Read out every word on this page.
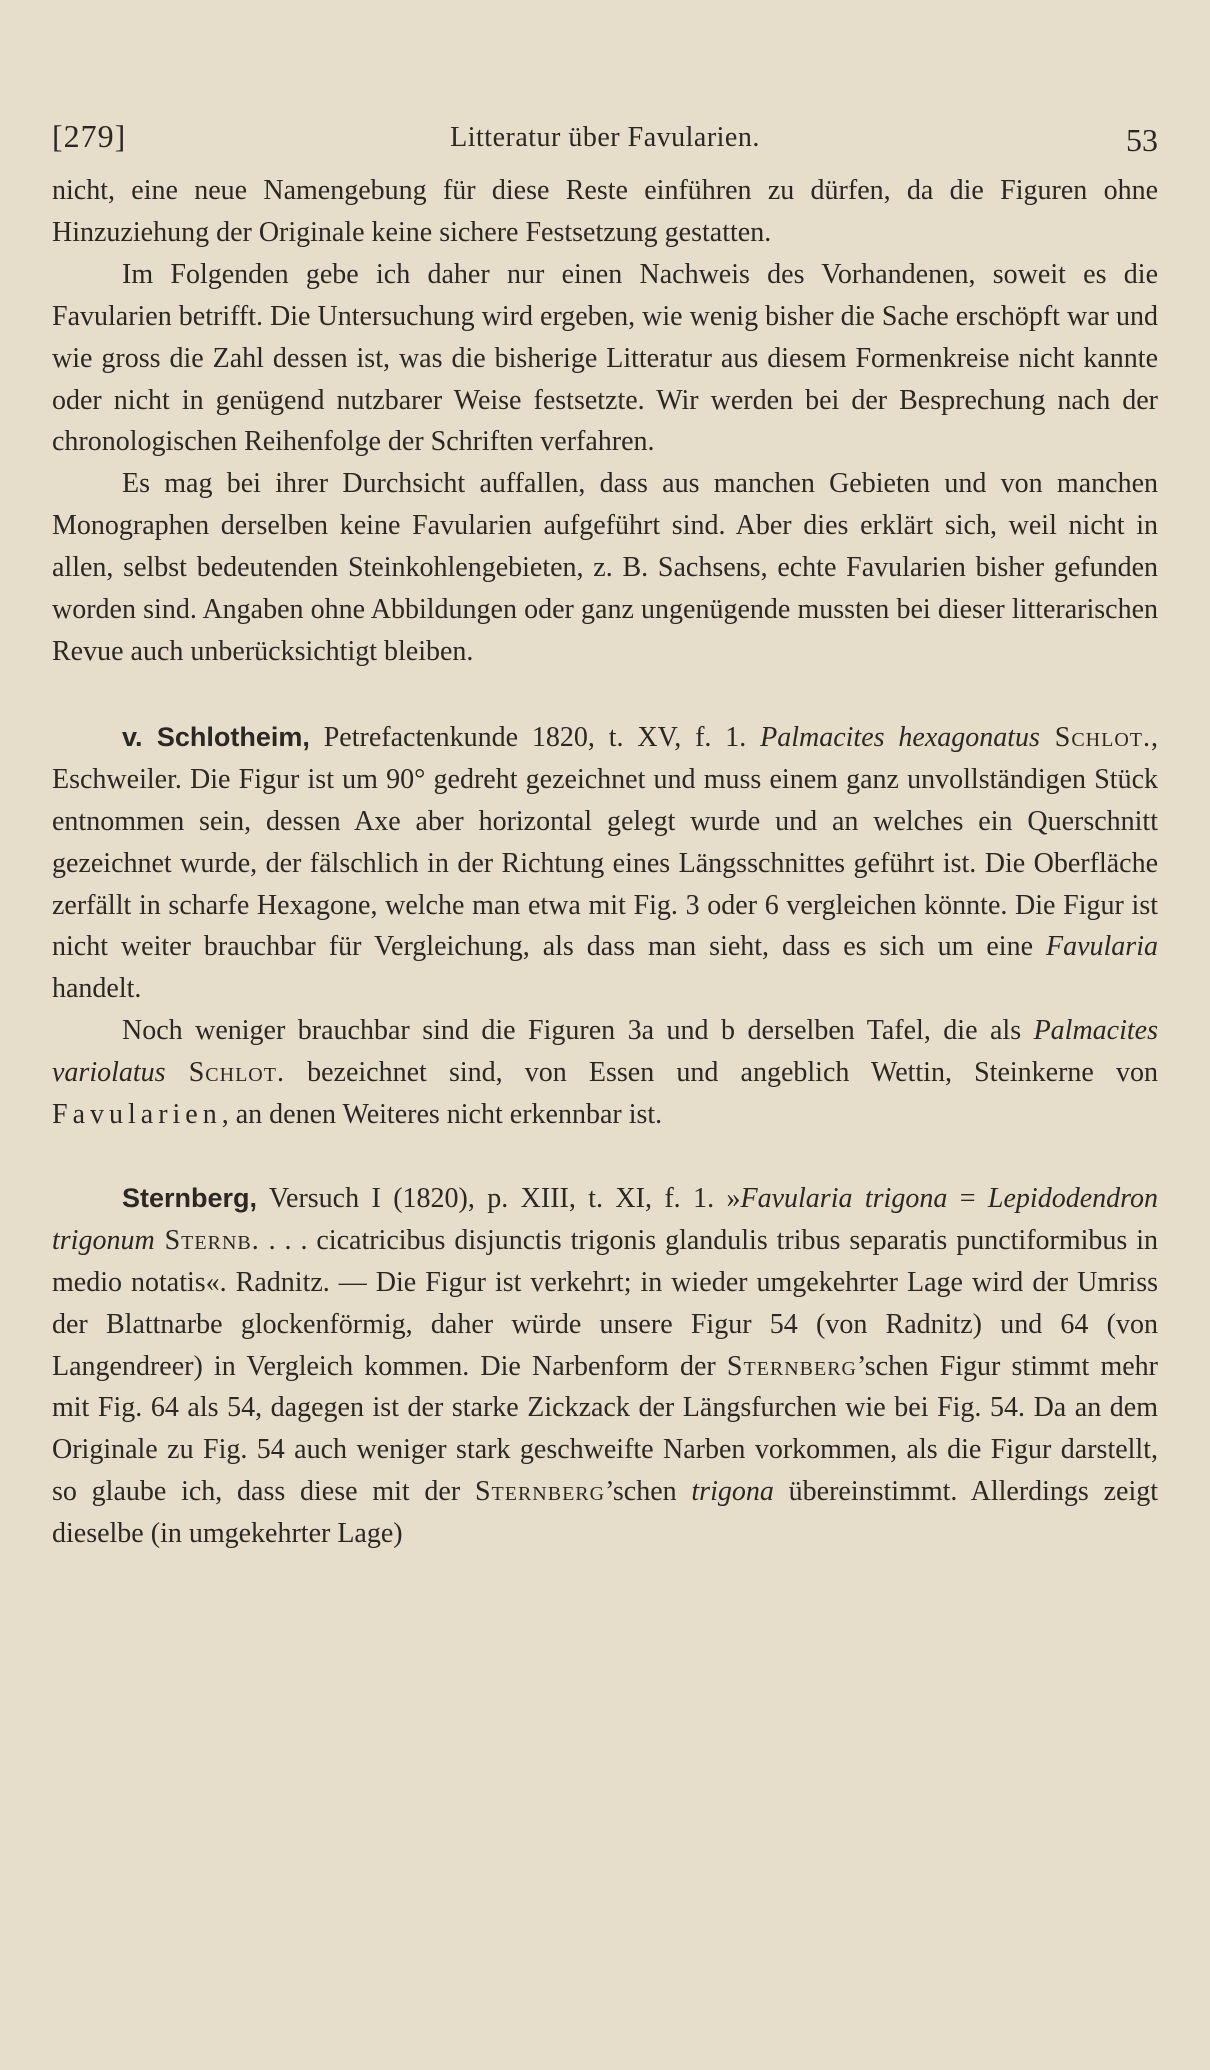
[279]	Litteratur über Favularien.	53

nicht, eine neue Namengebung für diese Reste einführen zu dürfen, da die Figuren ohne Hinzuziehung der Originale keine sichere Festsetzung gestatten.

Im Folgenden gebe ich daher nur einen Nachweis des Vorhandenen, soweit es die Favularien betrifft. Die Untersuchung wird ergeben, wie wenig bisher die Sache erschöpft war und wie gross die Zahl dessen ist, was die bisherige Litteratur aus diesem Formenkreise nicht kannte oder nicht in genügend nutzbarer Weise festsetzte. Wir werden bei der Besprechung nach der chronologischen Reihenfolge der Schriften verfahren.

Es mag bei ihrer Durchsicht auffallen, dass aus manchen Gebieten und von manchen Monographen derselben keine Favularien aufgeführt sind. Aber dies erklärt sich, weil nicht in allen, selbst bedeutenden Steinkohlengebieten, z. B. Sachsens, echte Favularien bisher gefunden worden sind. Angaben ohne Abbildungen oder ganz ungenügende mussten bei dieser litterarischen Revue auch unberücksichtigt bleiben.

v. Schlotheim, Petrefactenkunde 1820, t. XV, f. 1. Palmacites hexagonatus Schlot., Eschweiler. Die Figur ist um 90° gedreht gezeichnet und muss einem ganz unvollständigen Stück entnommen sein, dessen Axe aber horizontal gelegt wurde und an welches ein Querschnitt gezeichnet wurde, der fälschlich in der Richtung eines Längsschnittes geführt ist. Die Oberfläche zerfällt in scharfe Hexagone, welche man etwa mit Fig. 3 oder 6 vergleichen könnte. Die Figur ist nicht weiter brauchbar für Vergleichung, als dass man sieht, dass es sich um eine Favularia handelt.

Noch weniger brauchbar sind die Figuren 3a und b derselben Tafel, die als Palmacites variolatus Schlot. bezeichnet sind, von Essen und angeblich Wettin, Steinkerne von Favularien, an denen Weiteres nicht erkennbar ist.

Sternberg, Versuch I (1820), p. XIII, t. XI, f. 1. »Favularia trigona = Lepidodendron trigonum Sternb. . . . cicatricibus disjunctis trigonis glandulis tribus separatis punctiformibus in medio notatis«. Radnitz. — Die Figur ist verkehrt; in wieder umgekehrter Lage wird der Umriss der Blattnarbe glockenförmig, daher würde unsere Figur 54 (von Radnitz) und 64 (von Langendreer) in Vergleich kommen. Die Narbenform der Sternberg’schen Figur stimmt mehr mit Fig. 64 als 54, dagegen ist der starke Zickzack der Längsfurchen wie bei Fig. 54. Da an dem Originale zu Fig. 54 auch weniger stark geschweifte Narben vorkommen, als die Figur darstellt, so glaube ich, dass diese mit der Sternberg’schen trigona übereinstimmt. Allerdings zeigt dieselbe (in umgekehrter Lage)
